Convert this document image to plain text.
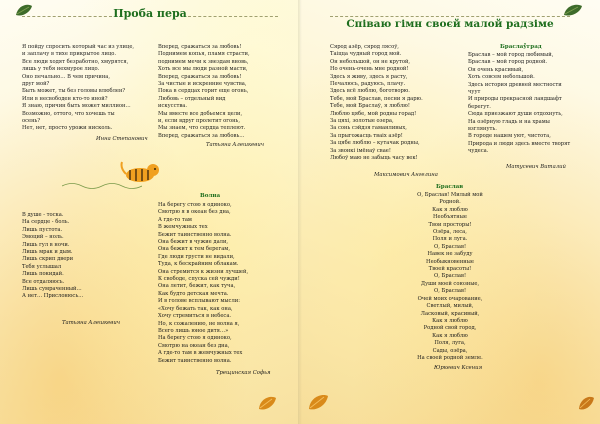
Проба пера
Я пойду спросить который час из улице,
и заплачу в тихе прикрытое лицо.
Все люди ходят безработно, хмурятся,
лишь у тебя нехмурое лицо.
Оно печально… В чем причина,
друг мой?
Быть может, ты без головы влюблен?
Или в несвободен кто-то иной?
Я знаю, причин быть может миллион…
Возможно, оттого, что хочешь ты
осень?
Нет, нет, просто урожи нисколь.
Инна Степанович
Вперед, сражаться за любовь!
Поднимем копья, пламя страсти,
поднимем мечи к звездам вновь,
Хоть все мы люди разной масти,
Вперед, сражаться за любовь!
За чистые и искренние чувства,
Пока в сердцах горит еще огонь,
Любовь – отдельный вид
искусства.
Мы вместе все добьемся цели,
и, если вдруг пролетит огонь,
Мы знаем, что сердца теплеют.
Вперед, сражаться за любовь…
Татьяна Алешкевич
В душе - тоска.
На сердце - боль.
Лишь пустота.
Эмоций – ноль.
Лишь гул в ночи.
Лишь мрак и дым.
Лишь скрип двери
Тебя услышал
Лишь покидай.
Все отдаляюсь.
Лишь сумраченный…
А нет… Прислонюсь…
Татьяна Алешкевич
Волна
На берегу стою я одиноко,
Смотрю я в океан без дна,
А где-то там
В жемчужных тех
Бежит таинственно волна.
Она бежит в чужие дали,
Она бежит к тем берегам,
Где люди грусти не видали,
Туда, к бескрайним облакам.
Она стремится к жизни лучшей,
К свободе, спуска сей чужди!
Она летит, бежит, как туча,
Как будто детская мечта.
И в голове всплывают мысли:
«Хочу бежать так, как она,
Хочу стремиться в небеса.
Но, к сожалению, не волна я,
Всего лишь юное дитя…»
На берегу стою я одиноко,
Смотрю на океан без дна,
А где-то там в жемчужных тех
Бежит таинственно волна.
Трещинская Софья
Співаю гімн своєй малой радзіме
Сярод азёр, сярод лясоў,
Таіцца чудный город мой.
Он небольшой, он не крутой,
Но очень-очень мне родной!
Здесь я живу, здесь я расту,
Печалюсь, радуюсь, плачу.
Здесь всё люблю, боготворю.
Тебе, мой Браслав, песни я дарю.
Тебе, мой Браслаў, я люблю!
Люблю цябе, мой родны горад!
За цяхі, золотые озера,
За сонь сэйдзя гаманливых,
За прыгожасць тваіх азёр!
За цябе люблю – кутачак родны,
За звонкі імёнаў свае!
Любоў маю не забыць часу век!
Максимович Ангелина
Браслаўград
Браслав – мой город любимый,
Браслав – мой город родной.
Он очень красивый,
Хоть совсем небольшой.
Здесь история древней местности
чуут
И природы прекрасной ландшафт
берегут.
Сюда приезжают души отдохнуть,
На озёрную гладь и на храмы
взглянуть.
В городе нашем уют, чистота,
Природа и люди здесь вместе творят
чудеса.
Матусевич Виталий
Браслав
О, Браслав! Милый мой
Родной.
Как я люблю
Необъятные
Твои просторы!
Озёра, леса,
Поля и луга.
О, Браслав!
Навек не забуду
Необыкновенные
Твоей красоты!
О, Браслав!
Души моей союзные,
О, Браслав!
Очей моих очарование,
Светлый, милый,
Ласковый, красивый,
Как я люблю
Родной свой город,
Как я люблю
Поля, луга,
Сады, озёра,
На своей родной земле.
Юркевич Ксения
